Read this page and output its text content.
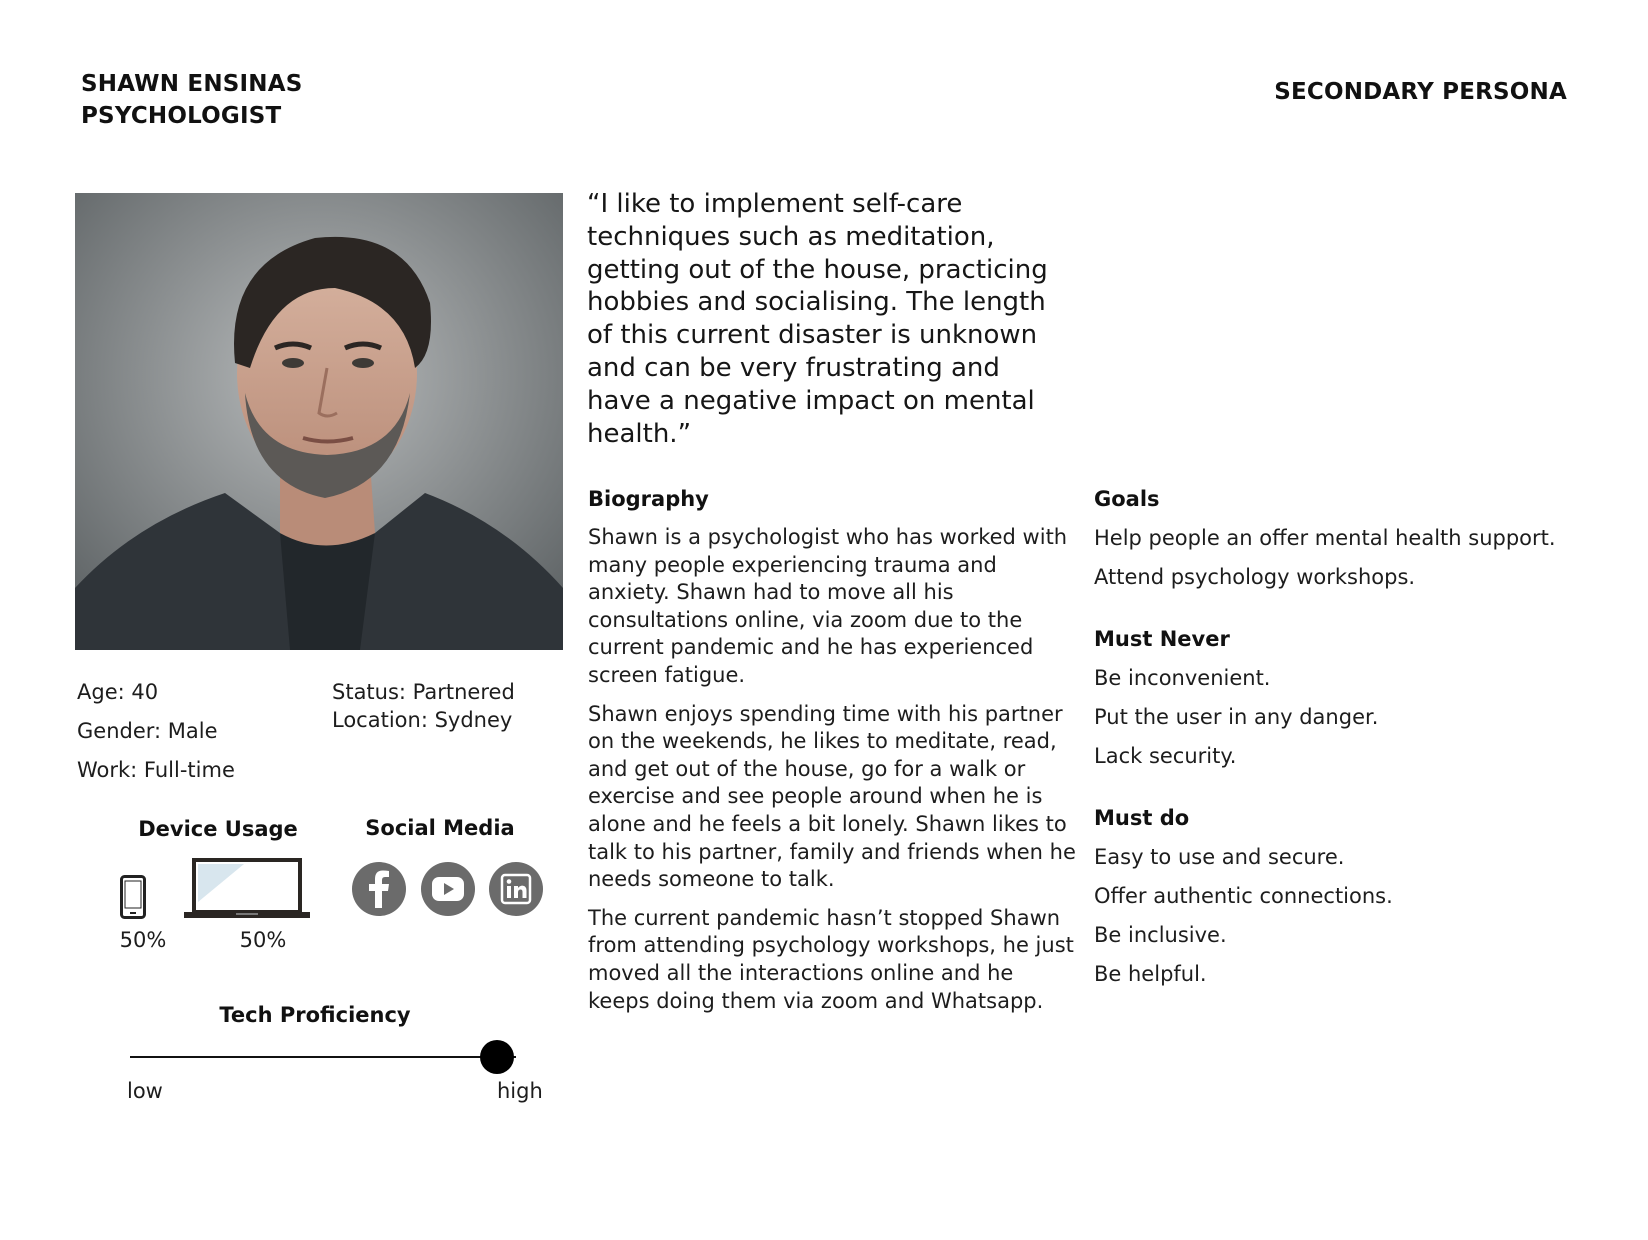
SHAWN ENSINAS
PSYCHOLOGIST
SECONDARY PERSONA
“I like to implement self-care techniques such as meditation, getting out of the house, practicing hobbies and socialising. The length of this current disaster is unknown and can be very frustrating and have a negative impact on mental health.”
Biography

Shawn is a psychologist who has worked with many people experiencing trauma and anxiety. Shawn had to move all his consultations online, via zoom due to the current pandemic and he has experienced screen fatigue.

Shawn enjoys spending time with his partner on the weekends, he likes to meditate, read, and get out of the house, go for a walk or exercise and see people around when he is alone and he feels a bit lonely. Shawn likes to talk to his partner, family and friends when he needs someone to talk.

The current pandemic hasn’t stopped Shawn from attending psychology workshops, he just moved all the interactions online and he keeps doing them via zoom and Whatsapp.

Goals
Help people an offer mental health support.
Attend psychology workshops.
Must Never
Be inconvenient.
Put the user in any danger.
Lack security.
Must do
Easy to use and secure.
Offer authentic connections.
Be inclusive.
Be helpful.
Age: 40
Gender: Male
Work: Full-time
Status: Partnered
Location: Sydney
Device Usage
50%	50%
Social Media
Tech Proficiency
low	high
